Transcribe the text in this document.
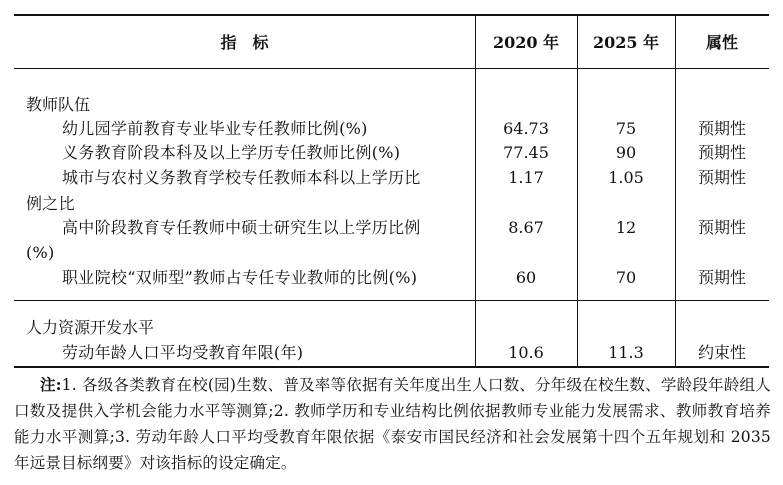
指　标	2020 年	2025 年	属性
教师队伍
幼儿园学前教育专业毕业专任教师比例(%)	64.73	75	预期性
义务教育阶段本科及以上学历专任教师比例(%)	77.45	90	预期性
城市与农村义务教育学校专任教师本科以上学历比
例之比
1.17	1.05	预期性
高中阶段教育专任教师中硕士研究生以上学历比例
(%)
8.67	12	预期性
职业院校“双师型”教师占专任专业教师的比例(%)	60	70	预期性
人力资源开发水平
劳动年龄人口平均受教育年限(年)	10.6	11.3	约束性
注:1. 各级各类教育在校(园)生数、普及率等依据有关年度出生人口数、分年级在校生数、学龄段年龄组人口数及提供入学机会能力水平等测算;2. 教师学历和专业结构比例依据教师专业能力发展需求、教师教育培养能力水平测算;3. 劳动年龄人口平均受教育年限依据《泰安市国民经济和社会发展第十四个五年规划和 2035 年远景目标纲要》对该指标的设定确定。
